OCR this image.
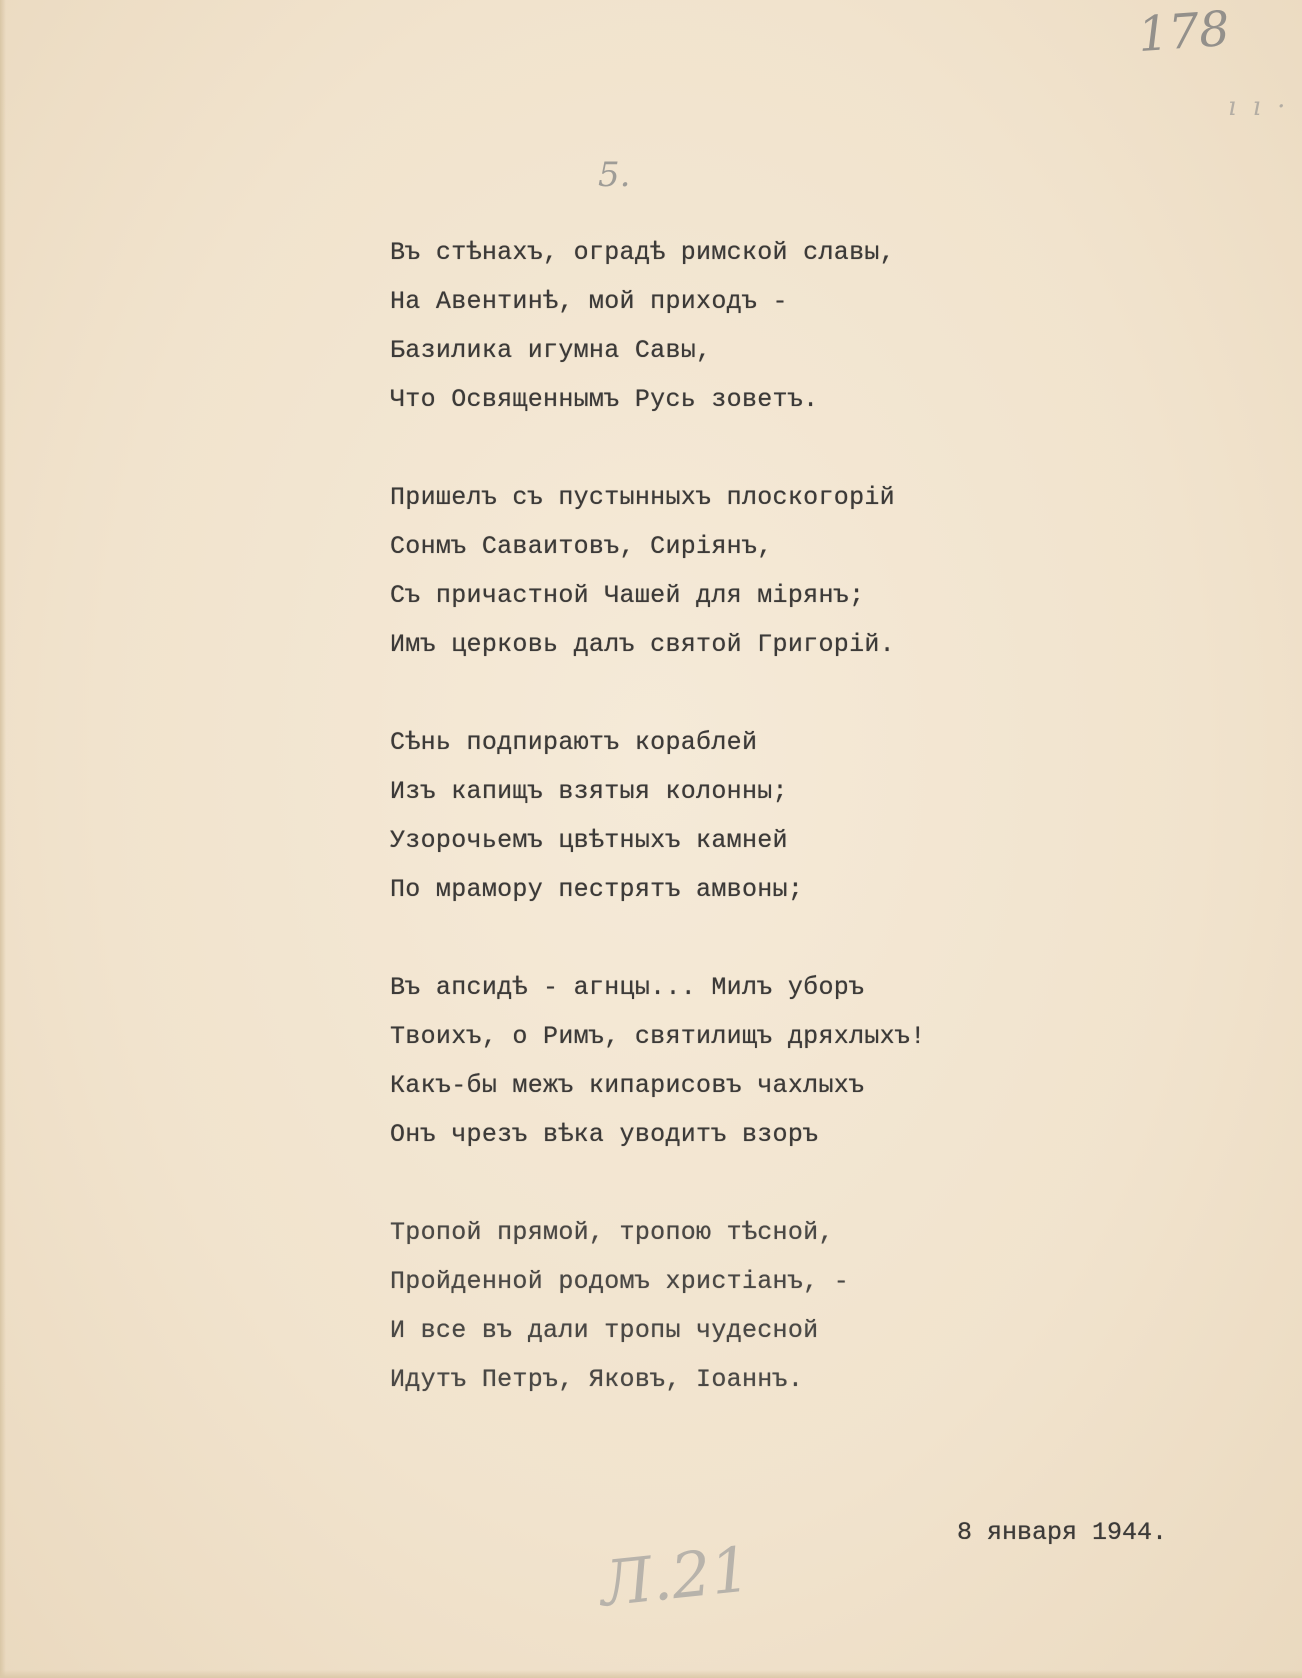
178
ı ı ·
5.
Въ стѣнахъ, оградѣ римской славы,
На Авентинѣ, мой приходъ -
Базилика игумна Савы,
Что Освященнымъ Русь зоветъ.
Пришелъ съ пустынныхъ плоскогорій
Сонмъ Саваитовъ, Сиріянъ,
Съ причастной Чашей для мірянъ;
Имъ церковь далъ святой Григорій.
Сѣнь подпираютъ кораблей
Изъ капищъ взятыя колонны;
Узорочьемъ цвѣтныхъ камней
По мрамору пестрятъ амвоны;
Въ апсидѣ - агнцы... Милъ уборъ
Твоихъ, о Римъ, святилищъ дряхлыхъ!
Какъ-бы межъ кипарисовъ чахлыхъ
Онъ чрезъ вѣка уводитъ взоръ
Тропой прямой, тропою тѣсной,
Пройденной родомъ христіанъ, -
И все въ дали тропы чудесной
Идутъ Петръ, Яковъ, Іоаннъ.
8 января 1944.
Л.21
